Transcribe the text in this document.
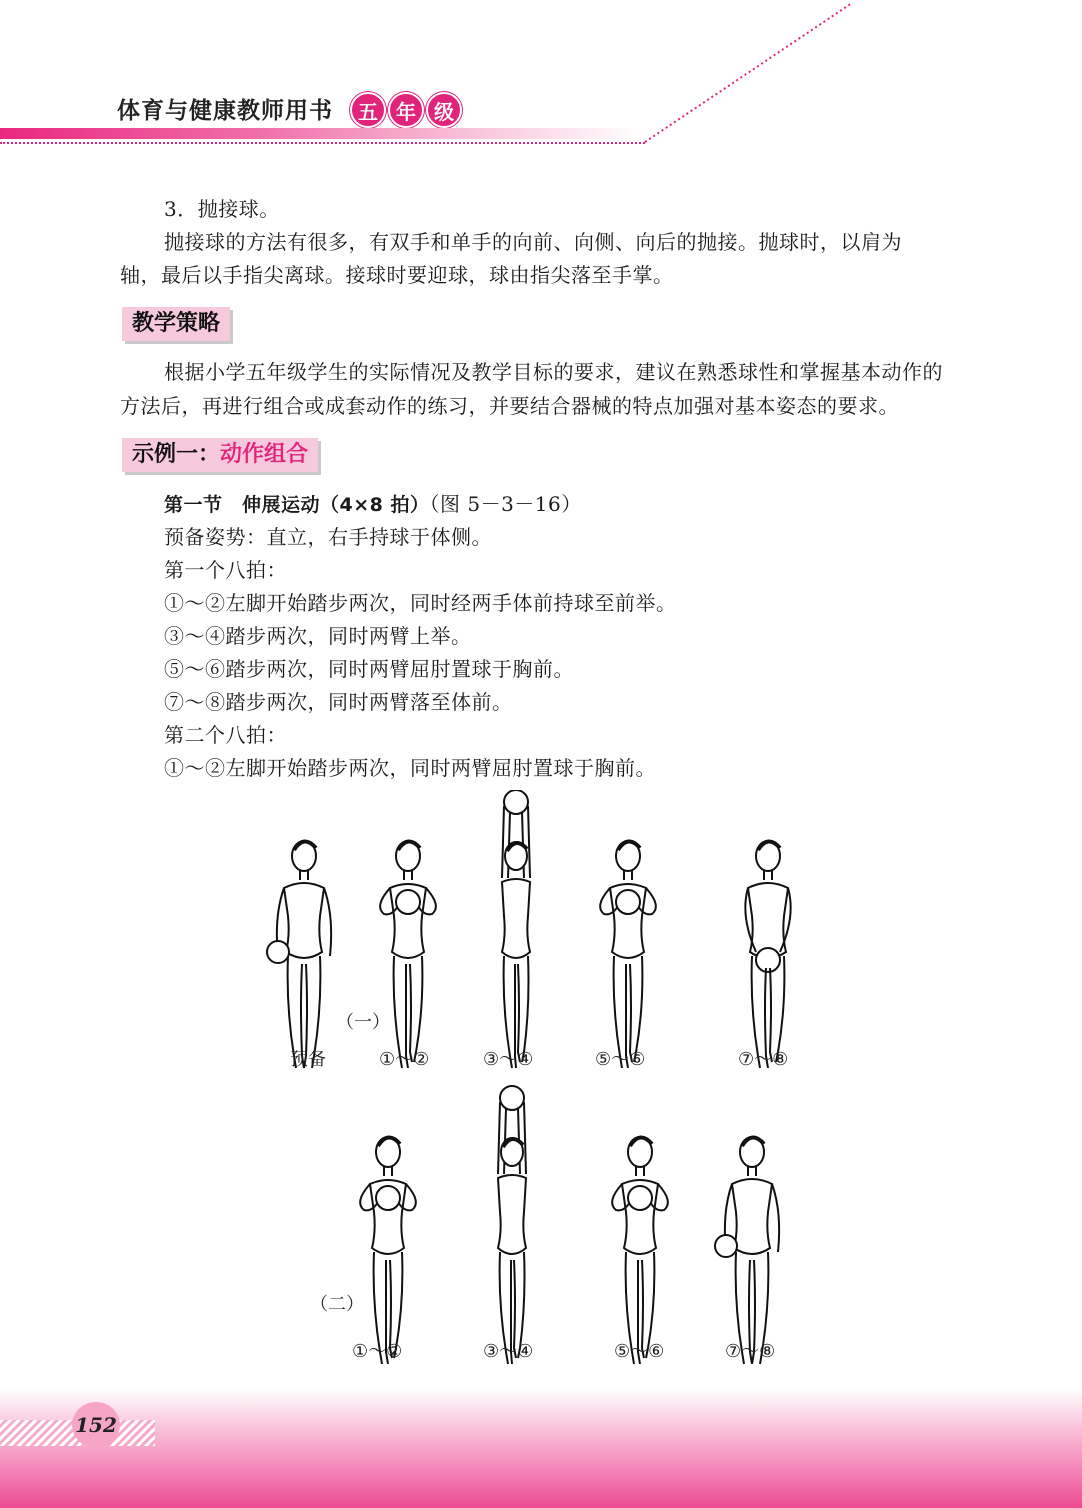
体育与健康教师用书	五 年 级

3．抛接球。

抛接球的方法有很多，有双手和单手的向前、向侧、向后的抛接。抛球时，以肩为

轴，最后以手指尖离球。接球时要迎球，球由指尖落至手掌。

教学策略

根据小学五年级学生的实际情况及教学目标的要求，建议在熟悉球性和掌握基本动作的

方法后，再进行组合或成套动作的练习，并要结合器械的特点加强对基本姿态的要求。

示例一：动作组合

第一节　伸展运动（4×8 拍）（图 5－3－16）

预备姿势：直立，右手持球于体侧。

第一个八拍：

①～②左脚开始踏步两次，同时经两手体前持球至前举。

③～④踏步两次，同时两臂上举。

⑤～⑥踏步两次，同时两臂屈肘置球于胸前。

⑦～⑧踏步两次，同时两臂落至体前。

第二个八拍：

①～②左脚开始踏步两次，同时两臂屈肘置球于胸前。

（一）
预备	①～②	③～④	⑤～⑥	⑦～⑧
（二）
①～②	③～④	⑤～⑥	⑦～⑧
152
